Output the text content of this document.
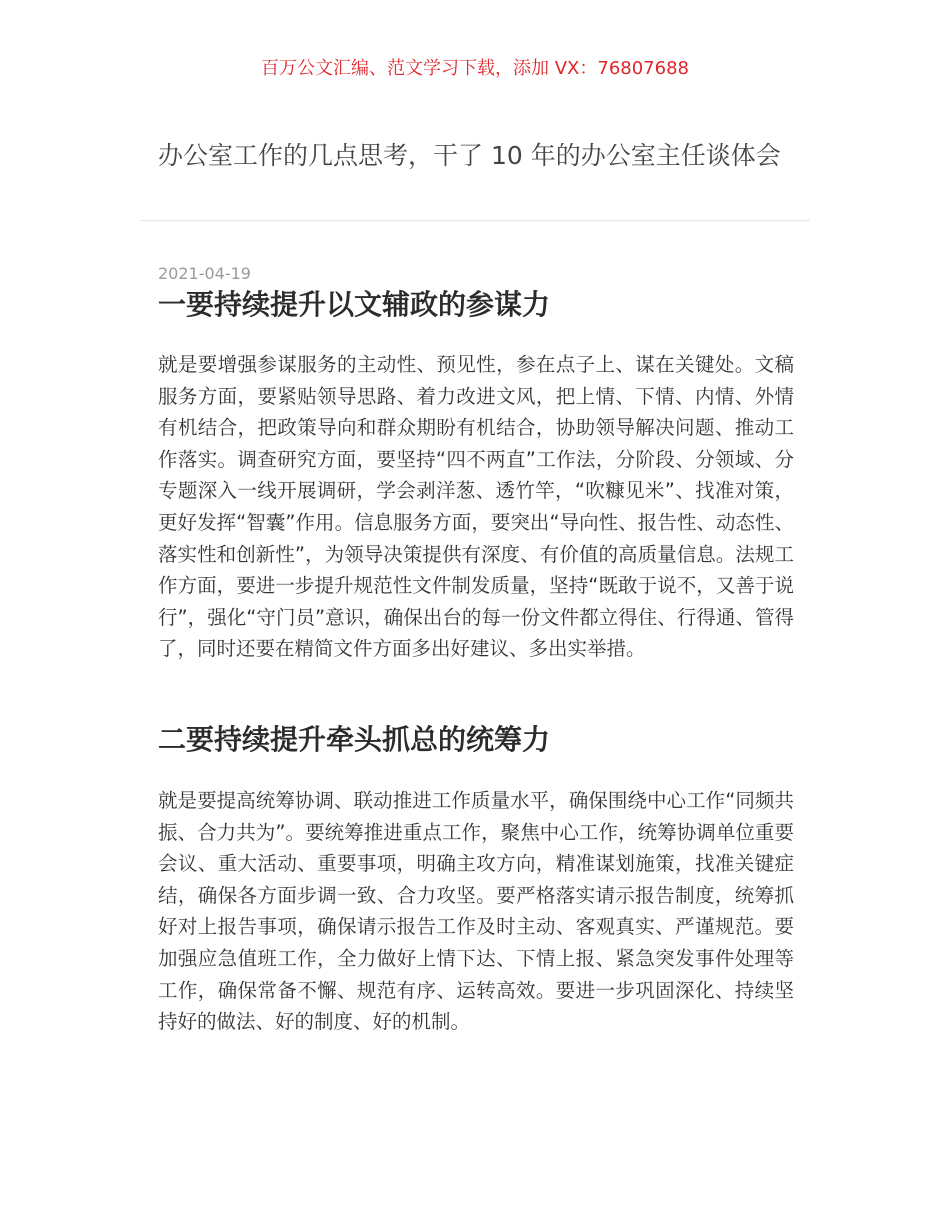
百万公文汇编、范文学习下载，添加 VX：76807688
办公室工作的几点思考，干了 10 年的办公室主任谈体会
2021-04-19
一要持续提升以文辅政的参谋力

就是要增强参谋服务的主动性、预见性，参在点子上、谋在关键处。文稿服务方面，要紧贴领导思路、着力改进文风，把上情、下情、内情、外情有机结合，把政策导向和群众期盼有机结合，协助领导解决问题、推动工作落实。调查研究方面，要坚持“四不两直”工作法，分阶段、分领域、分专题深入一线开展调研，学会剥洋葱、透竹竿，“吹糠见米”、找准对策，更好发挥“智囊”作用。信息服务方面，要突出“导向性、报告性、动态性、落实性和创新性”，为领导决策提供有深度、有价值的高质量信息。法规工作方面，要进一步提升规范性文件制发质量，坚持“既敢于说不，又善于说行”，强化“守门员”意识，确保出台的每一份文件都立得住、行得通、管得了，同时还要在精简文件方面多出好建议、多出实举措。

二要持续提升牵头抓总的统筹力

就是要提高统筹协调、联动推进工作质量水平，确保围绕中心工作“同频共振、合力共为”。要统筹推进重点工作，聚焦中心工作，统筹协调单位重要会议、重大活动、重要事项，明确主攻方向，精准谋划施策，找准关键症结，确保各方面步调一致、合力攻坚。要严格落实请示报告制度，统筹抓好对上报告事项，确保请示报告工作及时主动、客观真实、严谨规范。要加强应急值班工作，全力做好上情下达、下情上报、紧急突发事件处理等工作，确保常备不懈、规范有序、运转高效。要进一步巩固深化、持续坚持好的做法、好的制度、好的机制。
